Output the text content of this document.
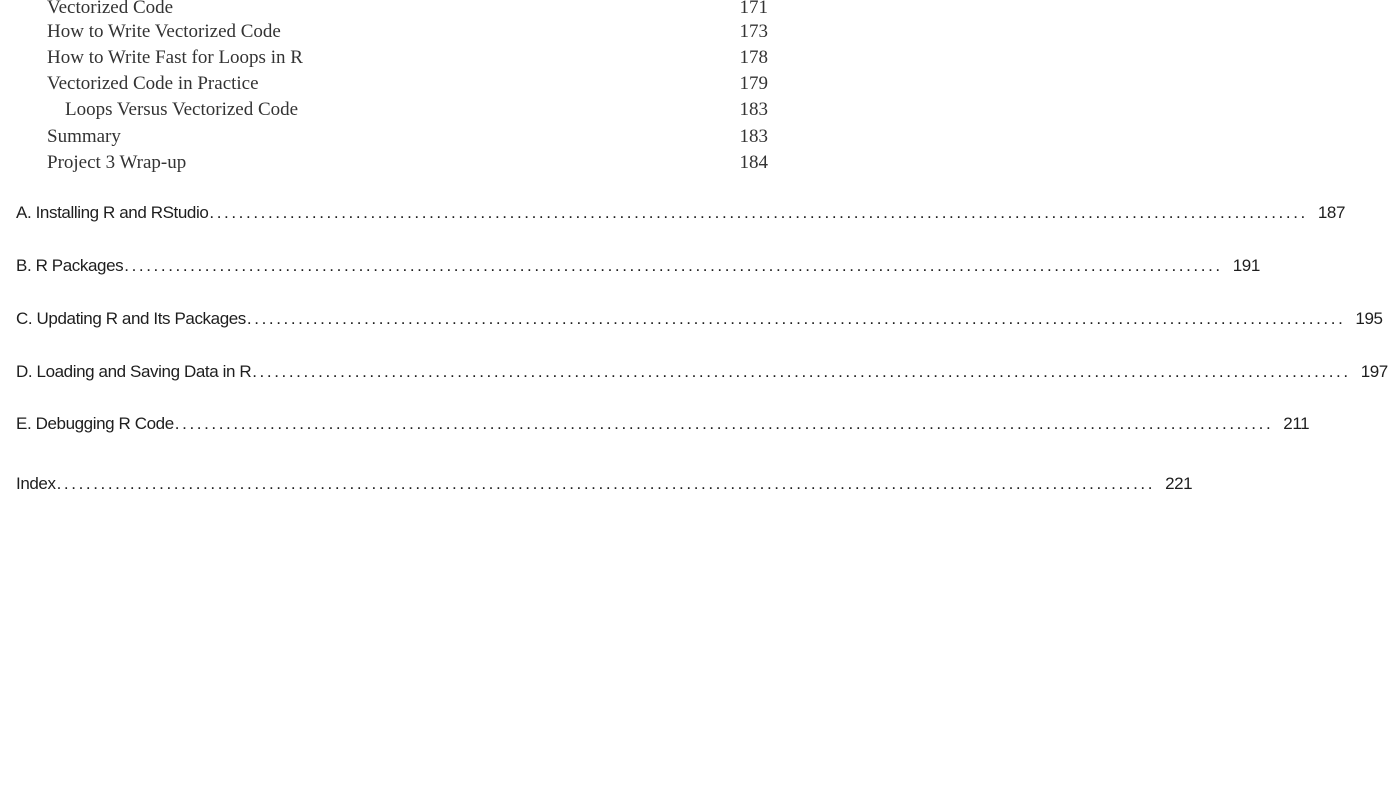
Vectorized Code	171
How to Write Vectorized Code	173
How to Write Fast for Loops in R	178
Vectorized Code in Practice	179
Loops Versus Vectorized Code	183
Summary	183
Project 3 Wrap-up	184
A. Installing R and RStudio ...................................................................................................................................................... 187
B. R Packages ...................................................................................................................................................... 191
C. Updating R and Its Packages ...................................................................................................................................................... 195
D. Loading and Saving Data in R ...................................................................................................................................................... 197
E. Debugging R Code ...................................................................................................................................................... 211
Index ...................................................................................................................................................... 221
